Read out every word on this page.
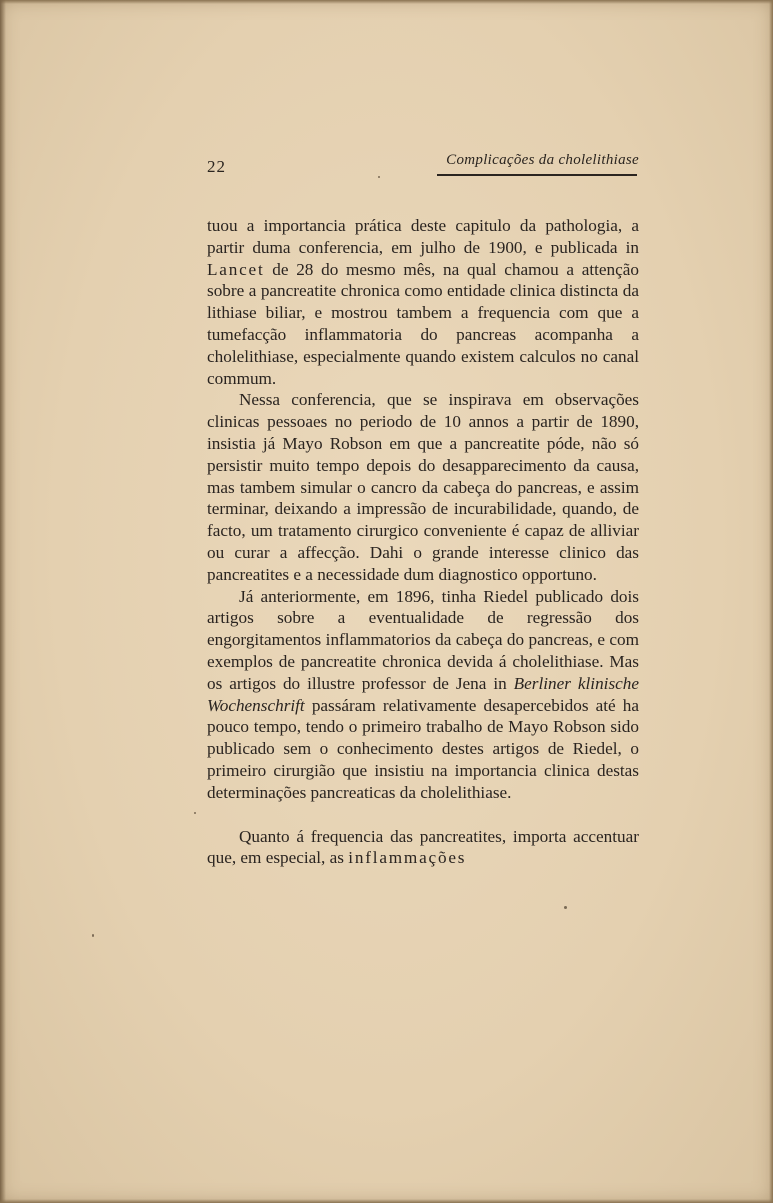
22	Complicações da cholelithiase

tuou a importancia prática deste capitulo da pathologia, a partir duma conferencia, em julho de 1900, e publicada in Lancet de 28 do mesmo mês, na qual chamou a attenção sobre a pancreatite chronica como entidade clinica distincta da lithiase biliar, e mostrou tambem a frequencia com que a tumefacção inflammatoria do pancreas acompanha a cholelithiase, especialmente quando existem calculos no canal commum.

Nessa conferencia, que se inspirava em observações clinicas pessoaes no periodo de 10 annos a partir de 1890, insistia já Mayo Robson em que a pancreatite póde, não só persistir muito tempo depois do desapparecimento da causa, mas tambem simular o cancro da cabeça do pancreas, e assim terminar, deixando a impressão de incurabilidade, quando, de facto, um tratamento cirurgico conveniente é capaz de alliviar ou curar a affecção. Dahi o grande interesse clinico das pancreatites e a necessidade dum diagnostico opportuno.

Já anteriormente, em 1896, tinha Riedel publicado dois artigos sobre a eventualidade de regressão dos engorgitamentos inflammatorios da cabeça do pancreas, e com exemplos de pancreatite chronica devida á cholelithiase. Mas os artigos do illustre professor de Jena in Berliner klinische Wochenschrift passáram relativamente desapercebidos até ha pouco tempo, tendo o primeiro trabalho de Mayo Robson sido publicado sem o conhecimento destes artigos de Riedel, o primeiro cirurgião que insistiu na importancia clinica destas determinações pancreaticas da cholelithiase.

Quanto á frequencia das pancreatites, importa accentuar que, em especial, as inflammações
